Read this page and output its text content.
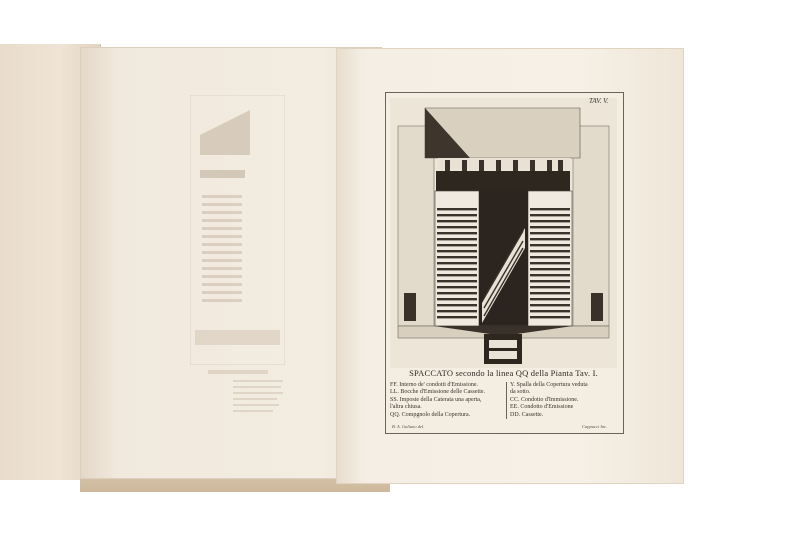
TAV. V.
SPACCATO secondo la linea QQ della Pianta Tav. I.
FF. Interno de' condotti d'Emissione.
LL. Bocche d'Emissione delle Cassette.
SS. Imposte della Caterata una aperta,
l'altra chiusa.
QQ. Compgnolo della Copertura.
Y. Spalla della Copertura veduta
da sotto.
CC. Condotto d'Immissione.
EE. Condotto d'Emissione
DD. Cassette.
B. A. Galiano del.	Cappucci Inc.
